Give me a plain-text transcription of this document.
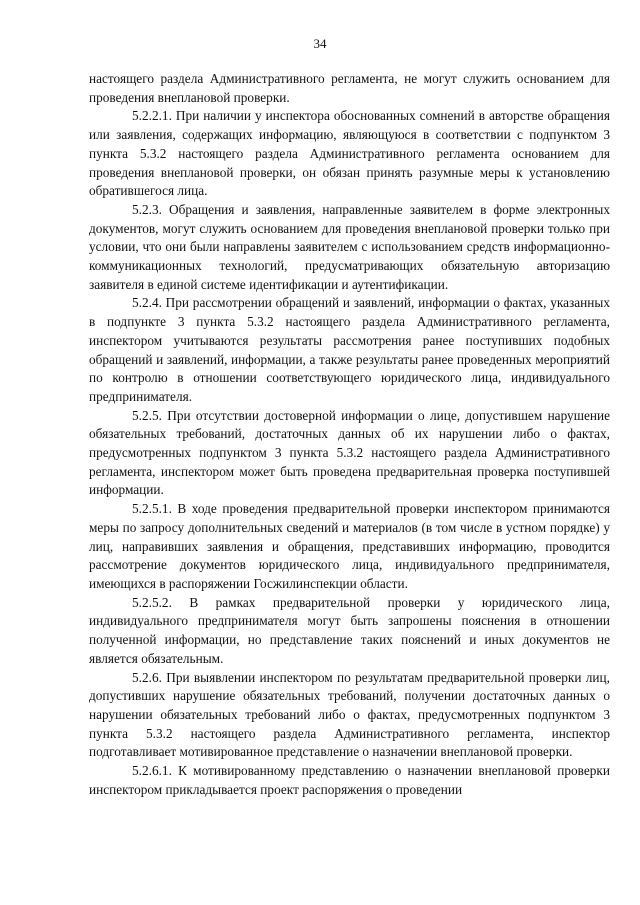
34

настоящего раздела Административного регламента, не могут служить основанием для проведения внеплановой проверки.

5.2.2.1. При наличии у инспектора обоснованных сомнений в авторстве обращения или заявления, содержащих информацию, являющуюся в соответствии с подпунктом 3 пункта 5.3.2 настоящего раздела Административного регламента основанием для проведения внеплановой проверки, он обязан принять разумные меры к установлению обратившегося лица.

5.2.3. Обращения и заявления, направленные заявителем в форме электронных документов, могут служить основанием для проведения внеплановой проверки только при условии, что они были направлены заявителем с использованием средств информационно-коммуникационных технологий, предусматривающих обязательную авторизацию заявителя в единой системе идентификации и аутентификации.

5.2.4. При рассмотрении обращений и заявлений, информации о фактах, указанных в подпункте 3 пункта 5.3.2 настоящего раздела Административного регламента, инспектором учитываются результаты рассмотрения ранее поступивших подобных обращений и заявлений, информации, а также результаты ранее проведенных мероприятий по контролю в отношении соответствующего юридического лица, индивидуального предпринимателя.

5.2.5. При отсутствии достоверной информации о лице, допустившем нарушение обязательных требований, достаточных данных об их нарушении либо о фактах, предусмотренных подпунктом 3 пункта 5.3.2 настоящего раздела Административного регламента, инспектором может быть проведена предварительная проверка поступившей информации.

5.2.5.1. В ходе проведения предварительной проверки инспектором принимаются меры по запросу дополнительных сведений и материалов (в том числе в устном порядке) у лиц, направивших заявления и обращения, представивших информацию, проводится рассмотрение документов юридического лица, индивидуального предпринимателя, имеющихся в распоряжении Госжилинспекции области.

5.2.5.2. В рамках предварительной проверки у юридического лица, индивидуального предпринимателя могут быть запрошены пояснения в отношении полученной информации, но представление таких пояснений и иных документов не является обязательным.

5.2.6. При выявлении инспектором по результатам предварительной проверки лиц, допустивших нарушение обязательных требований, получении достаточных данных о нарушении обязательных требований либо о фактах, предусмотренных подпунктом 3 пункта 5.3.2 настоящего раздела Административного регламента, инспектор подготавливает мотивированное представление о назначении внеплановой проверки.

5.2.6.1. К мотивированному представлению о назначении внеплановой проверки инспектором прикладывается проект распоряжения о проведении
